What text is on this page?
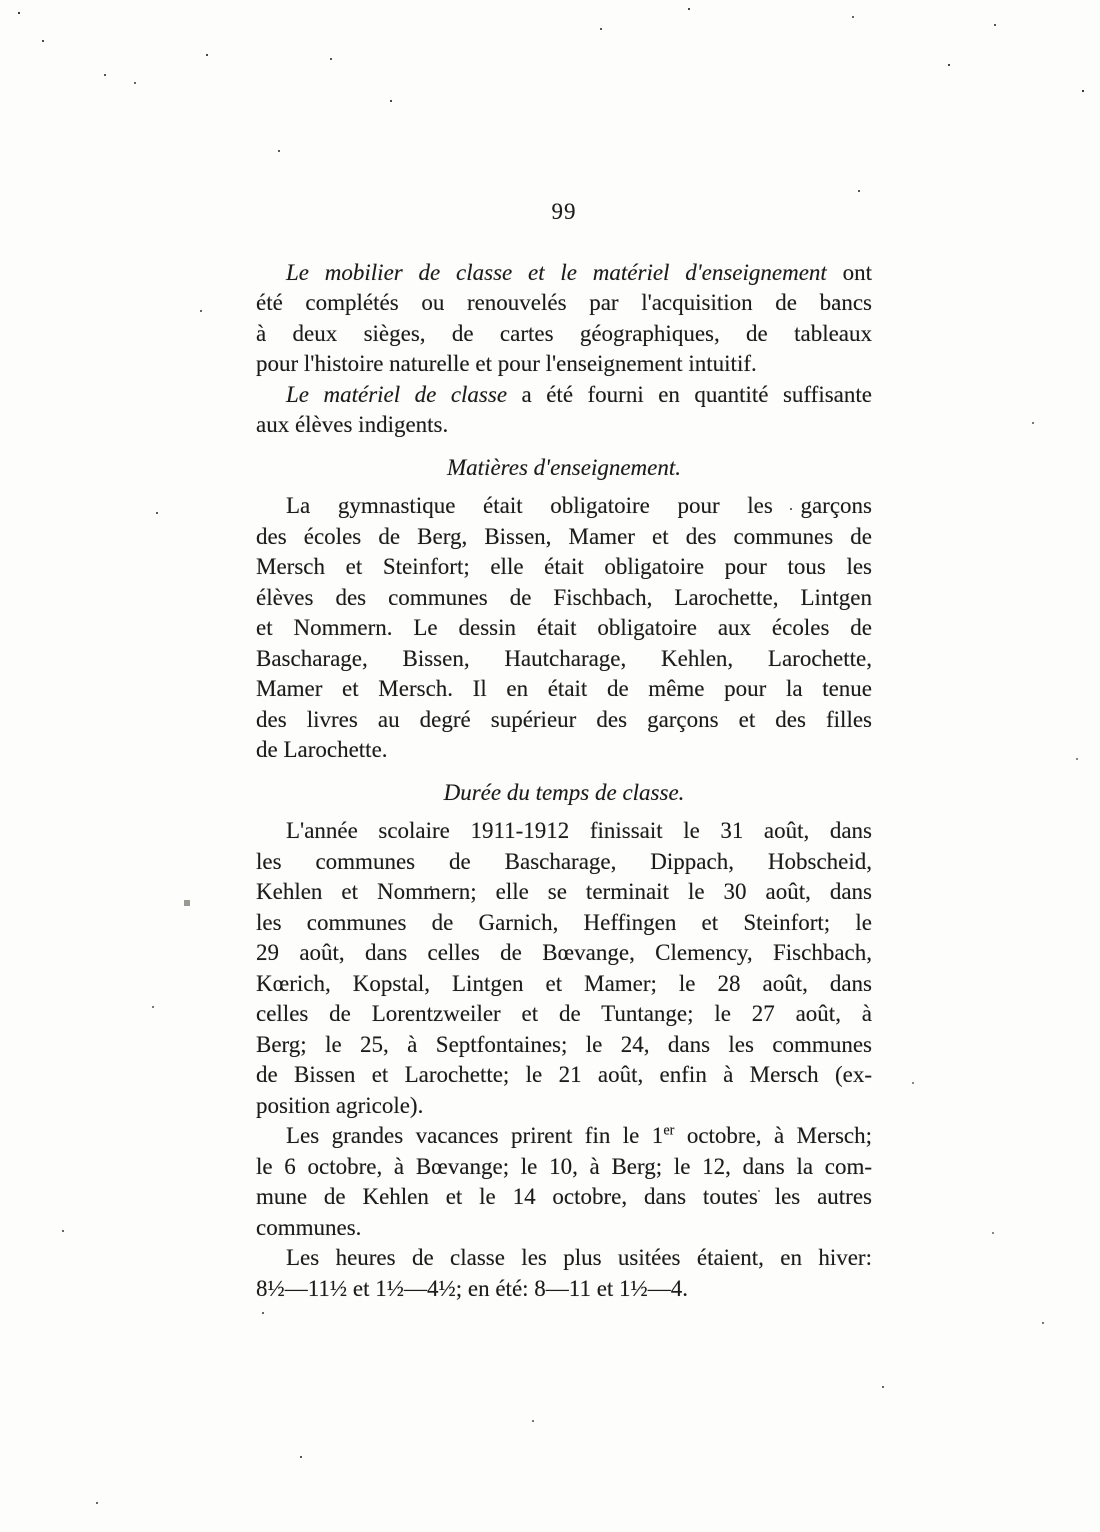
99
Le mobilier de classe et le matériel d'enseignement ont
été complétés ou renouvelés par l'acquisition de bancs
à deux sièges, de cartes géographiques, de tableaux
pour l'histoire naturelle et pour l'enseignement intuitif.
Le matériel de classe a été fourni en quantité suffisante
aux élèves indigents.
Matières d'enseignement.
La gymnastique était obligatoire pour les garçons
des écoles de Berg, Bissen, Mamer et des communes de
Mersch et Steinfort; elle était obligatoire pour tous les
élèves des communes de Fischbach, Larochette, Lintgen
et Nommern. Le dessin était obligatoire aux écoles de
Bascharage, Bissen, Hautcharage, Kehlen, Larochette,
Mamer et Mersch. Il en était de même pour la tenue
des livres au degré supérieur des garçons et des filles
de Larochette.
Durée du temps de classe.
L'année scolaire 1911-1912 finissait le 31 août, dans
les communes de Bascharage, Dippach, Hobscheid,
Kehlen et Nommern; elle se terminait le 30 août, dans
les communes de Garnich, Heffingen et Steinfort; le
29 août, dans celles de Bœvange, Clemency, Fischbach,
Kœrich, Kopstal, Lintgen et Mamer; le 28 août, dans
celles de Lorentzweiler et de Tuntange; le 27 août, à
Berg; le 25, à Septfontaines; le 24, dans les communes
de Bissen et Larochette; le 21 août, enfin à Mersch (ex-
position agricole).
Les grandes vacances prirent fin le 1er octobre, à Mersch;
le 6 octobre, à Bœvange; le 10, à Berg; le 12, dans la com-
mune de Kehlen et le 14 octobre, dans toutes les autres
communes.
Les heures de classe les plus usitées étaient, en hiver:
8½—11½ et 1½—4½; en été: 8—11 et 1½—4.
